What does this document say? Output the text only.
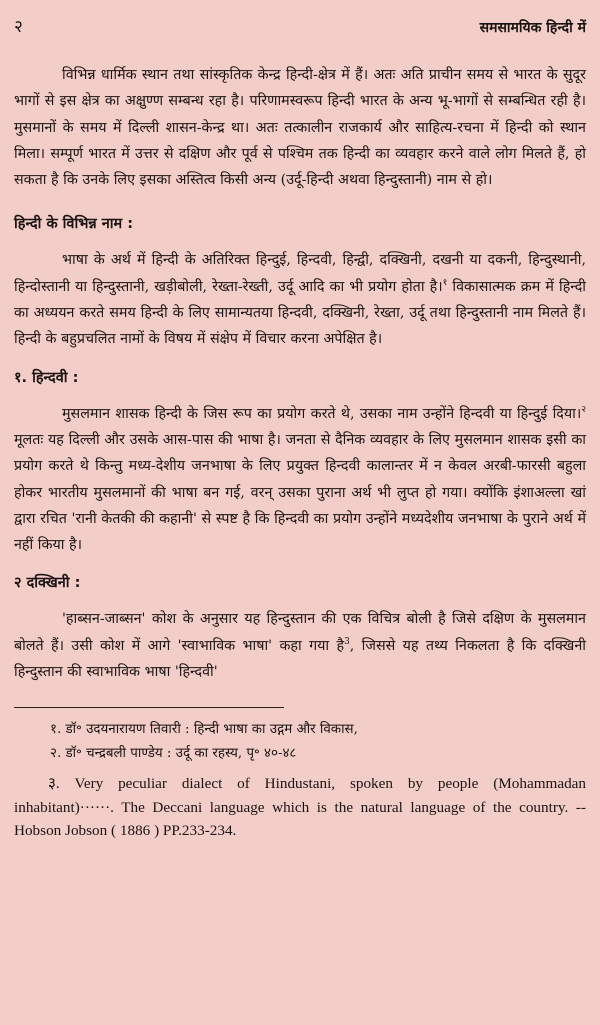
२	समसामयिक हिन्दी में

विभिन्न धार्मिक स्थान तथा सांस्कृतिक केन्द्र हिन्दी-क्षेत्र में हैं। अतः अति प्राचीन समय से भारत के सुदूर भागों से इस क्षेत्र का अक्षुण्ण सम्बन्ध रहा है। परिणामस्वरूप हिन्दी भारत के अन्य भू-भागों से सम्बन्धित रही है। मुसमानों के समय में दिल्ली शासन-केन्द्र था। अतः तत्कालीन राजकार्य और साहित्य-रचना में हिन्दी को स्थान मिला। सम्पूर्ण भारत में उत्तर से दक्षिण और पूर्व से पश्चिम तक हिन्दी का व्यवहार करने वाले लोग मिलते हैं, हो सकता है कि उनके लिए इसका अस्तित्व किसी अन्य (उर्दू-हिन्दी अथवा हिन्दुस्तानी) नाम से हो।

हिन्दी के विभिन्न नाम :

भाषा के अर्थ में हिन्दी के अतिरिक्त हिन्दुई, हिन्दवी, हिन्द्वी, दक्खिनी, दखनी या दकनी, हिन्दुस्थानी, हिन्दोस्तानी या हिन्दुस्तानी, खड़ीबोली, रेख्ता-रेख्ती, उर्दू आदि का भी प्रयोग होता है।$^१$ विकासात्मक क्रम में हिन्दी का अध्ययन करते समय हिन्दी के लिए सामान्यतया हिन्दवी, दक्खिनी, रेख्ता, उर्दू तथा हिन्दुस्तानी नाम मिलते हैं। हिन्दी के बहुप्रचलित नामों के विषय में संक्षेप में विचार करना अपेक्षित है।

१. हिन्दवी :

मुसलमान शासक हिन्दी के जिस रूप का प्रयोग करते थे, उसका नाम उन्होंने हिन्दवी या हिन्दुई दिया।$^२$ मूलतः यह दिल्ली और उसके आस-पास की भाषा है। जनता से दैनिक व्यवहार के लिए मुसलमान शासक इसी का प्रयोग करते थे किन्तु मध्य-देशीय जनभाषा के लिए प्रयुक्त हिन्दवी कालान्तर में न केवल अरबी-फारसी बहुला होकर भारतीय मुसलमानों की भाषा बन गई, वरन् उसका पुराना अर्थ भी लुप्त हो गया। क्योंकि इंशाअल्ला खां द्वारा रचित 'रानी केतकी की कहानी' से स्पष्ट है कि हिन्दवी का प्रयोग उन्होंने मध्यदेशीय जनभाषा के पुराने अर्थ में नहीं किया है।

२ दक्खिनी :

'हाब्सन-जाब्सन' कोश के अनुसार यह हिन्दुस्तान की एक विचित्र बोली है जिसे दक्षिण के मुसलमान बोलते हैं। उसी कोश में आगे 'स्वाभाविक भाषा' कहा गया है$^3$, जिससे यह तथ्य निकलता है कि दक्खिनी हिन्दुस्तान की स्वाभाविक भाषा 'हिन्दवी'

१. डॉ॰ उदयनारायण तिवारी : हिन्दी भाषा का उद्गम और विकास,
२. डॉ॰ चन्द्रबली पाण्डेय : उर्दू का रहस्य, पृ॰ ४०-४८
३. Very peculiar dialect of Hindustani, spoken by people (Mohammadan inhabitant)······. The Deccani language which is the natural language of the country. --Hobson Jobson ( 1886 ) PP.233-234.
